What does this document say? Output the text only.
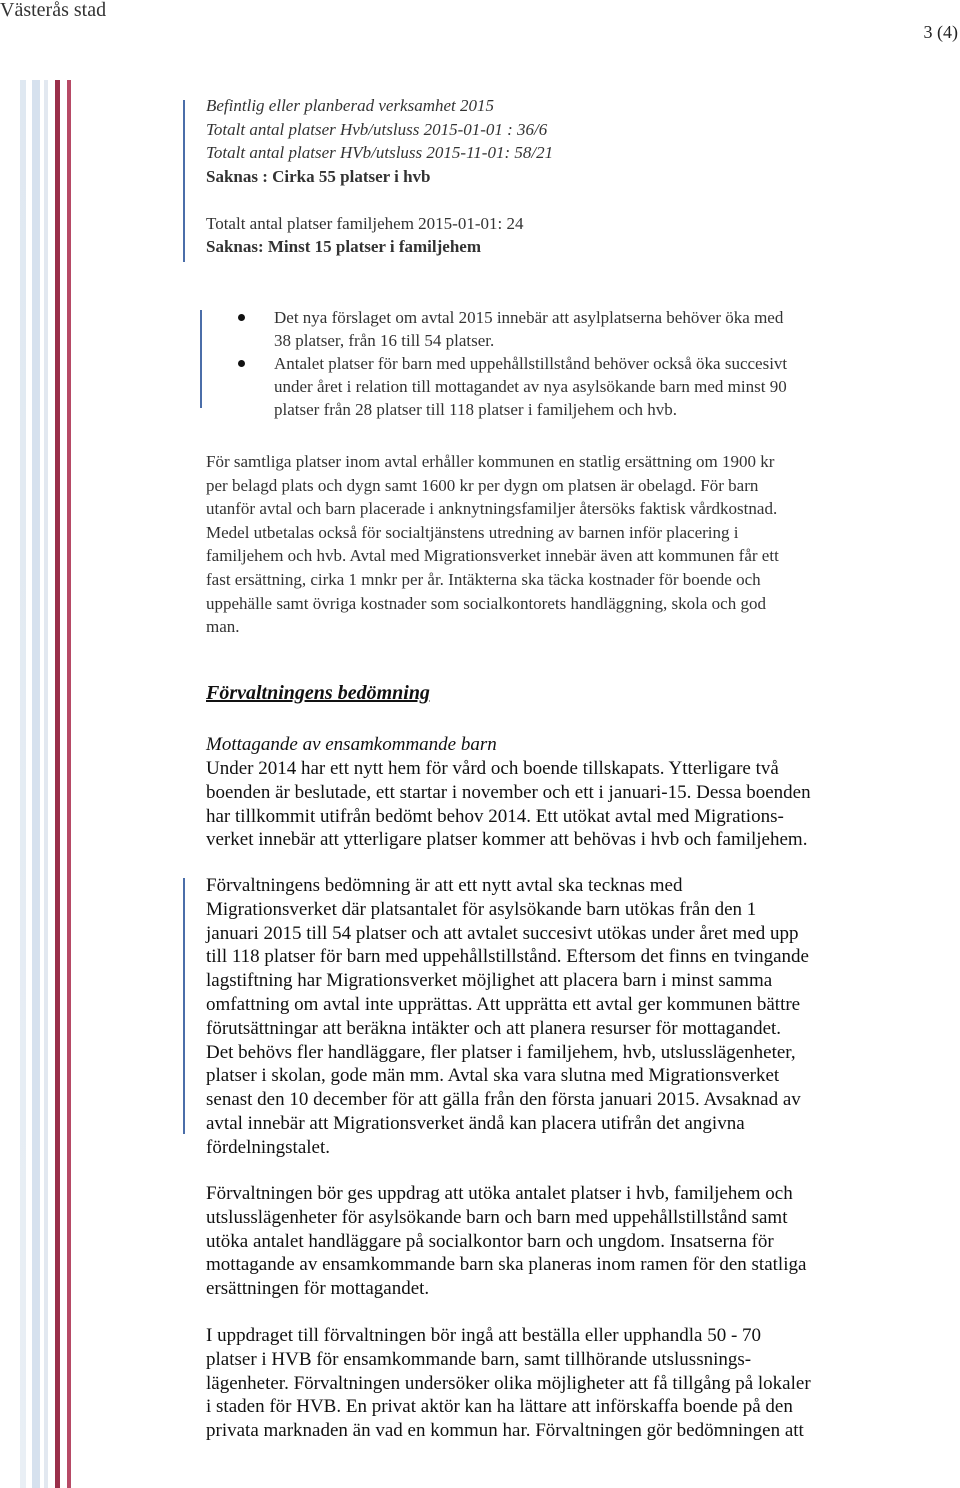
Västerås stad
3 (4)
Befintlig eller planberad verksamhet 2015
Totalt antal platser Hvb/utsluss 2015-01-01 : 36/6
Totalt antal platser HVb/utsluss 2015-11-01: 58/21
Saknas : Cirka 55 platser i hvb

Totalt antal platser familjehem 2015-01-01: 24
Saknas: Minst 15 platser i familjehem
Det nya förslaget om avtal 2015 innebär att asylplatserna behöver öka med
38 platser, från 16 till 54 platser.
Antalet platser för barn med uppehållstillstånd behöver också öka succesivt
under året i relation till mottagandet av nya asylsökande barn med minst 90
platser från 28 platser till 118 platser i familjehem och hvb.
För samtliga platser inom avtal erhåller kommunen en statlig ersättning om 1900 kr
per belagd plats och dygn samt 1600 kr per dygn om platsen är obelagd. För barn
utanför avtal och barn placerade i anknytningsfamiljer återsöks faktisk vårdkostnad.
Medel utbetalas också för socialtjänstens utredning av barnen inför placering i
familjehem och hvb. Avtal med Migrationsverket innebär även att kommunen får ett
fast ersättning, cirka 1 mnkr per år. Intäkterna ska täcka kostnader för boende och
uppehälle samt övriga kostnader som socialkontorets handläggning, skola och god
man.
Förvaltningens bedömning
Mottagande av ensamkommande barn
Under 2014 har ett nytt hem för vård och boende tillskapats. Ytterligare två
boenden är beslutade, ett startar i november och ett i januari-15. Dessa boenden
har tillkommit utifrån bedömt behov 2014. Ett utökat avtal med Migrations-
verket innebär att ytterligare platser kommer att behövas i hvb och familjehem.
Förvaltningens bedömning är att ett nytt avtal ska tecknas med
Migrationsverket där platsantalet för asylsökande barn utökas från den 1
januari 2015 till 54 platser och att avtalet succesivt utökas under året med upp
till 118 platser för barn med uppehållstillstånd. Eftersom det finns en tvingande
lagstiftning har Migrationsverket möjlighet att placera barn i minst samma
omfattning om avtal inte upprättas. Att upprätta ett avtal ger kommunen bättre
förutsättningar att beräkna intäkter och att planera resurser för mottagandet.
Det behövs fler handläggare, fler platser i familjehem, hvb, utslusslägenheter,
platser i skolan, gode män mm. Avtal ska vara slutna med Migrationsverket
senast den 10 december för att gälla från den första januari 2015. Avsaknad av
avtal innebär att Migrationsverket ändå kan placera utifrån det angivna
fördelningstalet.
Förvaltningen bör ges uppdrag att utöka antalet platser i hvb, familjehem och
utslusslägenheter för asylsökande barn och barn med uppehållstillstånd samt
utöka antalet handläggare på socialkontor barn och ungdom. Insatserna för
mottagande av ensamkommande barn ska planeras inom ramen för den statliga
ersättningen för mottagandet.
I uppdraget till förvaltningen bör ingå att beställa eller upphandla 50 - 70
platser i HVB för ensamkommande barn, samt tillhörande utslussnings-
lägenheter. Förvaltningen undersöker olika möjligheter att få tillgång på lokaler
i staden för HVB. En privat aktör kan ha lättare att införskaffa boende på den
privata marknaden än vad en kommun har. Förvaltningen gör bedömningen att
